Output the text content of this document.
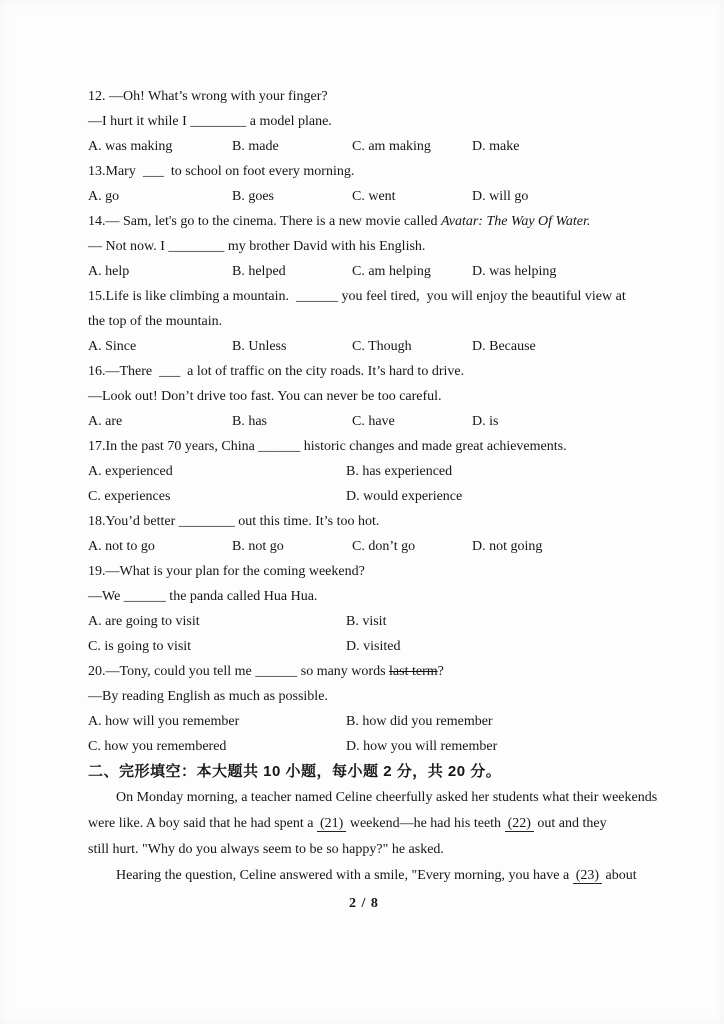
12. —Oh! What’s wrong with your finger?
—I hurt it while I ________ a model plane.
A. was making	B. made	C. am making	D. make
13.Mary  ___  to school on foot every morning.
A. go	B. goes	C. went	D. will go
14.— Sam, let's go to the cinema. There is a new movie called Avatar: The Way Of Water.
— Not now. I ________ my brother David with his English.
A. help	B. helped	C. am helping	D. was helping
15.Life is like climbing a mountain.  ______ you feel tired,  you will enjoy the beautiful view at
the top of the mountain.
A. Since	B. Unless	C. Though	D. Because
16.—There  ___  a lot of traffic on the city roads. It’s hard to drive.
—Look out! Don’t drive too fast. You can never be too careful.
A. are	B. has	C. have	D. is
17.In the past 70 years, China ______ historic changes and made great achievements.
A. experienced	B. has experienced
C. experiences	D. would experience
18.You’d better ________ out this time. It’s too hot.
A. not to go	B. not go	C. don’t go	D. not going
19.—What is your plan for the coming weekend?
—We ______ the panda called Hua Hua.
A. are going to visit	B. visit
C. is going to visit	D. visited
20.—Tony, could you tell me ______ so many words last term?
—By reading English as much as possible.
A. how will you remember	B. how did you remember
C. how you remembered	D. how you will remember
二、完形填空：本大题共 10 小题，每小题 2 分，共 20 分。
On Monday morning, a teacher named Celine cheerfully asked her students what their weekends
were like. A boy said that he had spent a (21) weekend—he had his teeth (22) out and they
still hurt. "Why do you always seem to be so happy?" he asked.
Hearing the question, Celine answered with a smile, "Every morning, you have a (23) about
2 / 8
